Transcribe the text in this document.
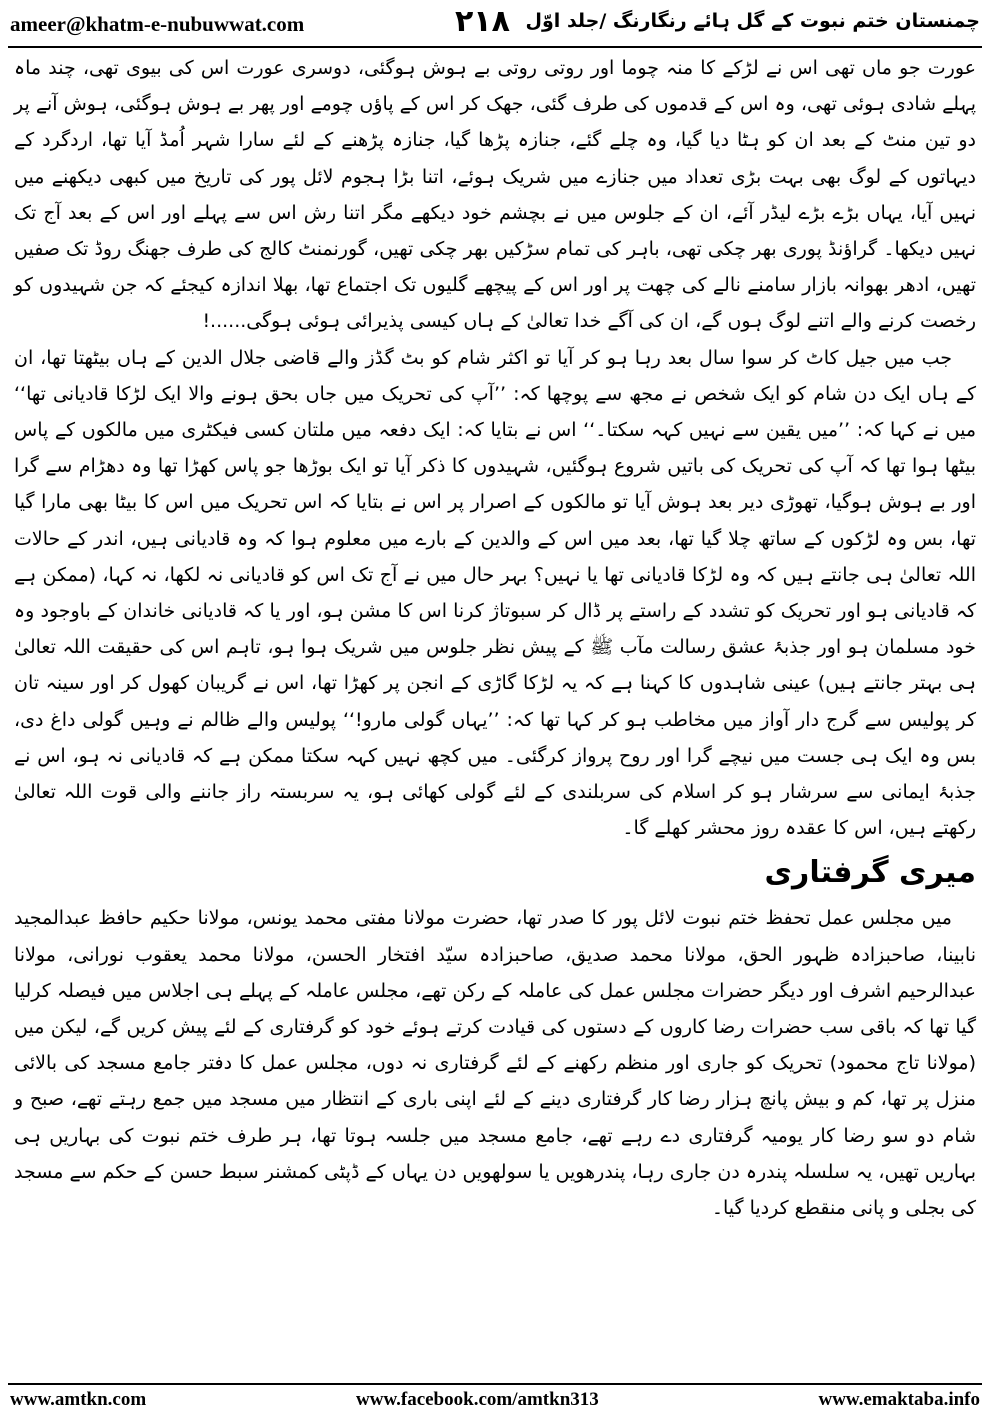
ameer@khatm-e-nubuwwat.com	۲۱۸ چمنستان ختم نبوت کے گل ہائے رنگارنگ /جلد اوّل

عورت جو ماں تھی اس نے لڑکے کا منہ چوما اور روتی روتی بے ہوش ہوگئی، دوسری عورت اس کی بیوی تھی، چند ماہ پہلے شادی ہوئی تھی، وہ اس کے قدموں کی طرف گئی، جھک کر اس کے پاؤں چومے اور پھر بے ہوش ہوگئی، ہوش آنے پر دو تین منٹ کے بعد ان کو ہٹا دیا گیا، وہ چلے گئے، جنازہ پڑھا گیا، جنازہ پڑھنے کے لئے سارا شہر اُمڈ آیا تھا، اردگرد کے دیہاتوں کے لوگ بھی بہت بڑی تعداد میں جنازے میں شریک ہوئے، اتنا بڑا ہجوم لائل پور کی تاریخ میں کبھی دیکھنے میں نہیں آیا، یہاں بڑے بڑے لیڈر آئے، ان کے جلوس میں نے بچشم خود دیکھے مگر اتنا رش اس سے پہلے اور اس کے بعد آج تک نہیں دیکھا۔ گراؤنڈ پوری بھر چکی تھی، باہر کی تمام سڑکیں بھر چکی تھیں، گورنمنٹ کالج کی طرف جھنگ روڈ تک صفیں تھیں، ادھر بھوانہ بازار سامنے نالے کی چھت پر اور اس کے پیچھے گلیوں تک اجتماع تھا، بھلا اندازہ کیجئے کہ جن شہیدوں کو رخصت کرنے والے اتنے لوگ ہوں گے، ان کی آگے خدا تعالیٰ کے ہاں کیسی پذیرائی ہوئی ہوگی......!

جب میں جیل کاٹ کر سوا سال بعد رہا ہو کر آیا تو اکثر شام کو بٹ گڈز والے قاضی جلال الدین کے ہاں بیٹھتا تھا، ان کے ہاں ایک دن شام کو ایک شخص نے مجھ سے پوچھا کہ: ’’آپ کی تحریک میں جاں بحق ہونے والا ایک لڑکا قادیانی تھا‘‘ میں نے کہا کہ: ’’میں یقین سے نہیں کہہ سکتا۔‘‘ اس نے بتایا کہ: ایک دفعہ میں ملتان کسی فیکٹری میں مالکوں کے پاس بیٹھا ہوا تھا کہ آپ کی تحریک کی باتیں شروع ہوگئیں، شہیدوں کا ذکر آیا تو ایک بوڑھا جو پاس کھڑا تھا وہ دھڑام سے گرا اور بے ہوش ہوگیا، تھوڑی دیر بعد ہوش آیا تو مالکوں کے اصرار پر اس نے بتایا کہ اس تحریک میں اس کا بیٹا بھی مارا گیا تھا، بس وہ لڑکوں کے ساتھ چلا گیا تھا، بعد میں اس کے والدین کے بارے میں معلوم ہوا کہ وہ قادیانی ہیں، اندر کے حالات اللہ تعالیٰ ہی جانتے ہیں کہ وہ لڑکا قادیانی تھا یا نہیں؟ بہر حال میں نے آج تک اس کو قادیانی نہ لکھا، نہ کہا، (ممکن ہے کہ قادیانی ہو اور تحریک کو تشدد کے راستے پر ڈال کر سبوتاژ کرنا اس کا مشن ہو، اور یا کہ قادیانی خاندان کے باوجود وہ خود مسلمان ہو اور جذبۂ عشق رسالت مآب ﷺ کے پیش نظر جلوس میں شریک ہوا ہو، تاہم اس کی حقیقت اللہ تعالیٰ ہی بہتر جانتے ہیں) عینی شاہدوں کا کہنا ہے کہ یہ لڑکا گاڑی کے انجن پر کھڑا تھا، اس نے گریبان کھول کر اور سینہ تان کر پولیس سے گرج دار آواز میں مخاطب ہو کر کہا تھا کہ: ’’یہاں گولی مارو!‘‘ پولیس والے ظالم نے وہیں گولی داغ دی، بس وہ ایک ہی جست میں نیچے گرا اور روح پرواز کرگئی۔ میں کچھ نہیں کہہ سکتا ممکن ہے کہ قادیانی نہ ہو، اس نے جذبۂ ایمانی سے سرشار ہو کر اسلام کی سربلندی کے لئے گولی کھائی ہو، یہ سربستہ راز جاننے والی قوت اللہ تعالیٰ رکھتے ہیں، اس کا عقدہ روز محشر کھلے گا۔

میری گرفتاری

میں مجلس عمل تحفظ ختم نبوت لائل پور کا صدر تھا، حضرت مولانا مفتی محمد یونس، مولانا حکیم حافظ عبدالمجید نابینا، صاحبزادہ ظہور الحق، مولانا محمد صدیق، صاحبزادہ سیّد افتخار الحسن، مولانا محمد یعقوب نورانی، مولانا عبدالرحیم اشرف اور دیگر حضرات مجلس عمل کی عاملہ کے رکن تھے، مجلس عاملہ کے پہلے ہی اجلاس میں فیصلہ کرلیا گیا تھا کہ باقی سب حضرات رضا کاروں کے دستوں کی قیادت کرتے ہوئے خود کو گرفتاری کے لئے پیش کریں گے، لیکن میں (مولانا تاج محمود) تحریک کو جاری اور منظم رکھنے کے لئے گرفتاری نہ دوں، مجلس عمل کا دفتر جامع مسجد کی بالائی منزل پر تھا، کم و بیش پانچ ہزار رضا کار گرفتاری دینے کے لئے اپنی باری کے انتظار میں مسجد میں جمع رہتے تھے، صبح و شام دو سو رضا کار یومیہ گرفتاری دے رہے تھے، جامع مسجد میں جلسہ ہوتا تھا، ہر طرف ختم نبوت کی بہاریں ہی بہاریں تھیں، یہ سلسلہ پندرہ دن جاری رہا، پندرھویں یا سولھویں دن یہاں کے ڈپٹی کمشنر سبط حسن کے حکم سے مسجد کی بجلی و پانی منقطع کردیا گیا۔

www.amtkn.com	www.facebook.com/amtkn313	www.emaktaba.info
